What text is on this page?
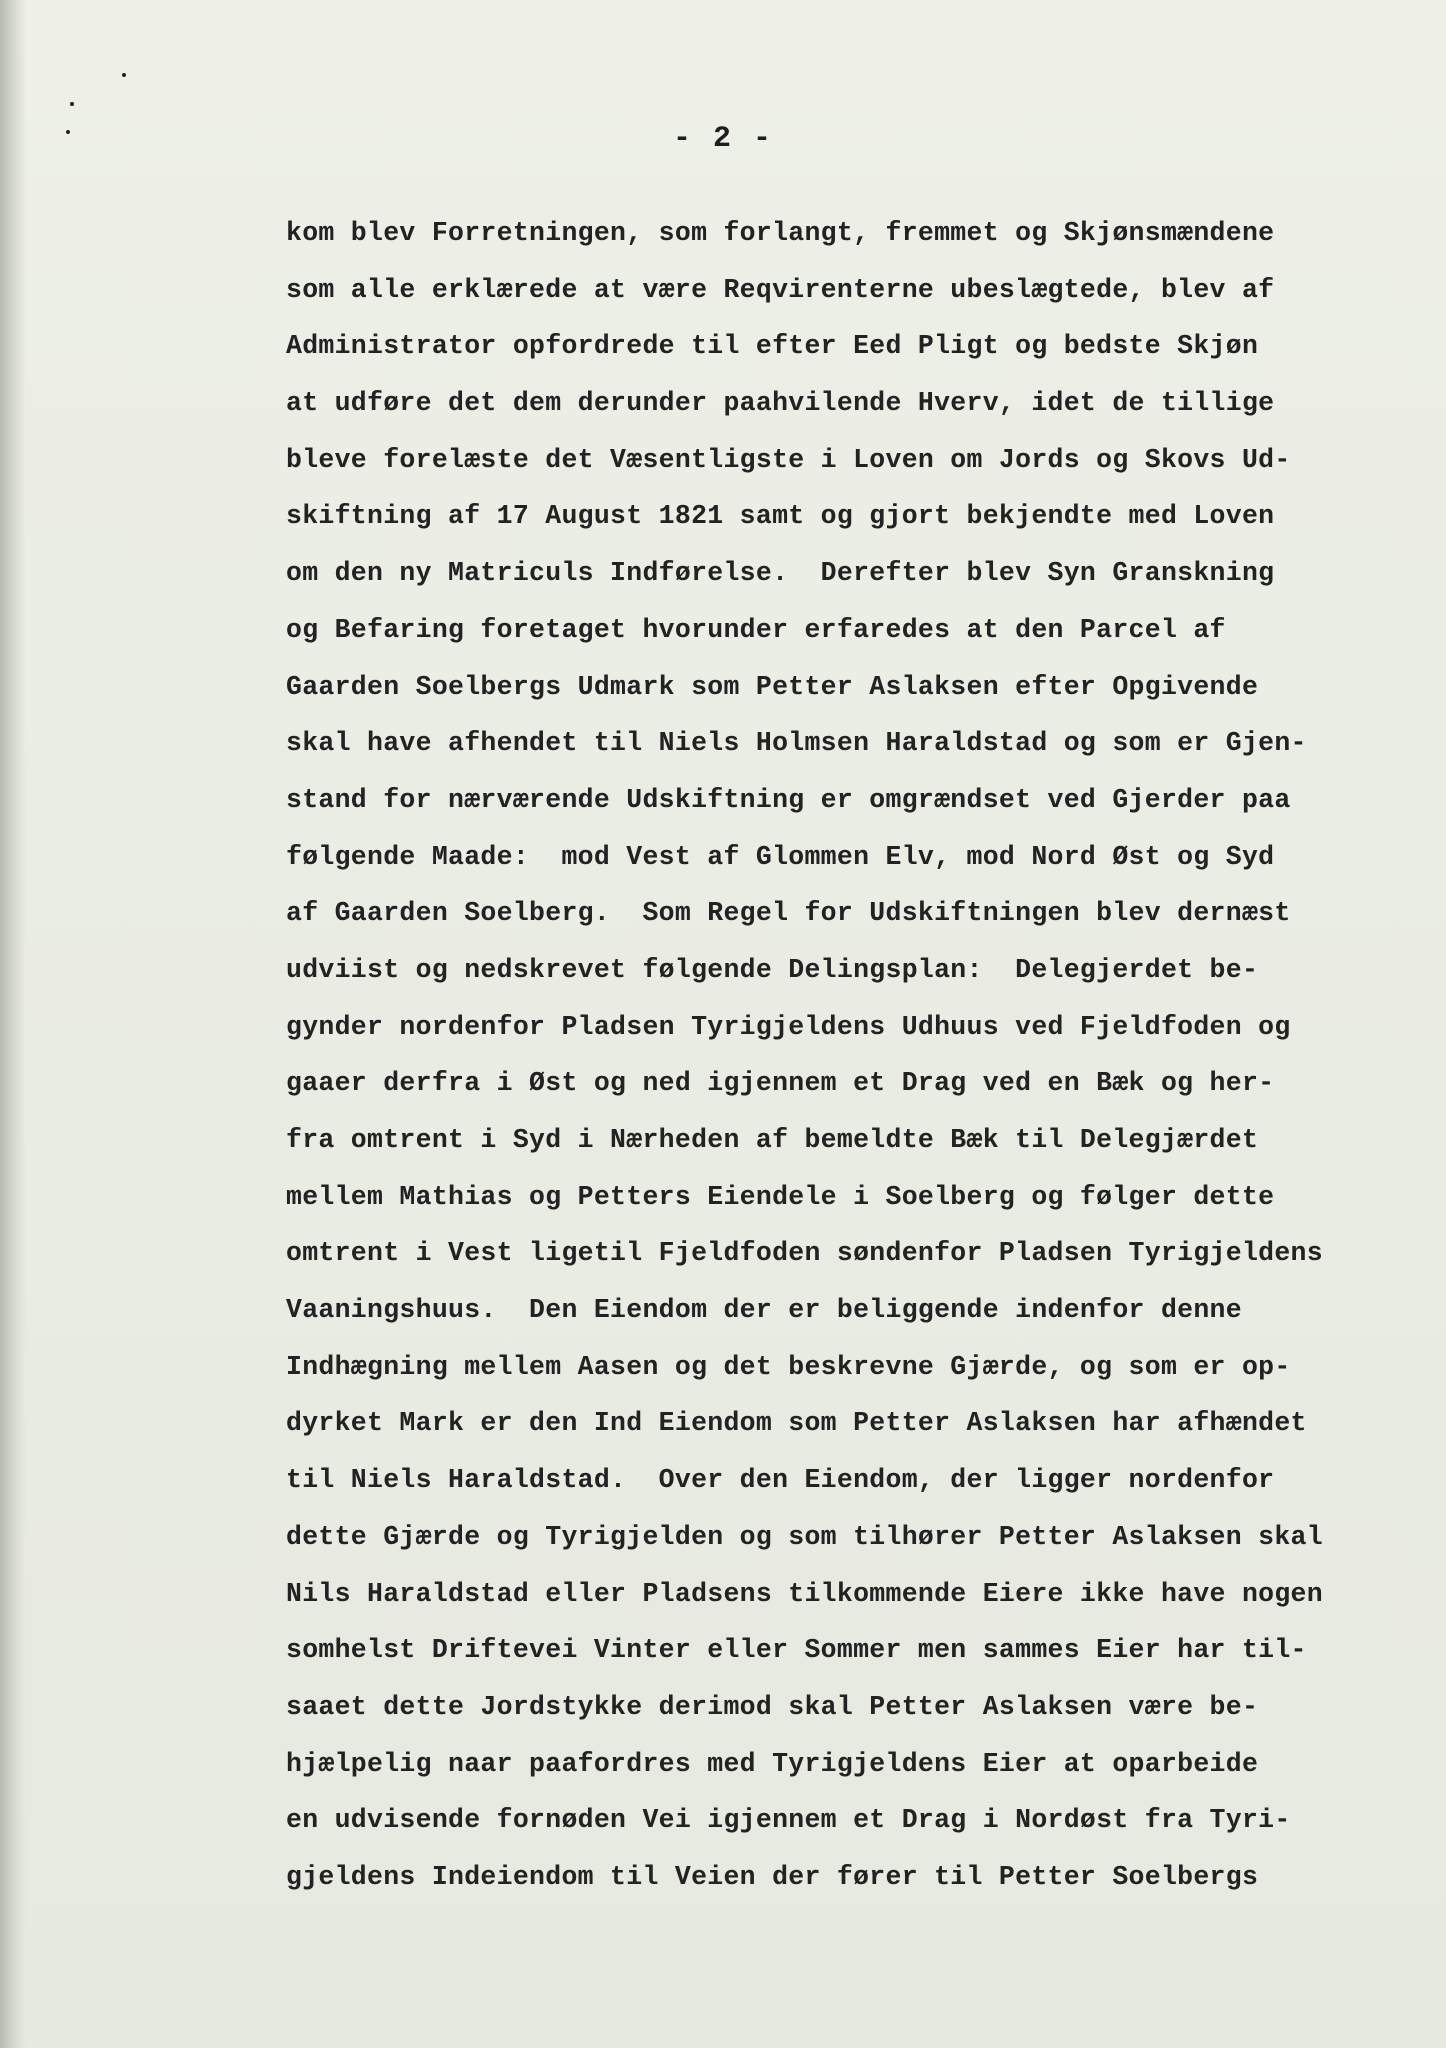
- 2 -
kom blev Forretningen, som forlangt, fremmet og Skjønsmændene
som alle erklærede at være Reqvirenterne ubeslægtede, blev af
Administrator opfordrede til efter Eed Pligt og bedste Skjøn
at udføre det dem derunder paahvilende Hverv, idet de tillige
bleve forelæste det Væsentligste i Loven om Jords og Skovs Ud-
skiftning af 17 August 1821 samt og gjort bekjendte med Loven
om den ny Matriculs Indførelse.  Derefter blev Syn Granskning
og Befaring foretaget hvorunder erfaredes at den Parcel af
Gaarden Soelbergs Udmark som Petter Aslaksen efter Opgivende
skal have afhendet til Niels Holmsen Haraldstad og som er Gjen-
stand for nærværende Udskiftning er omgrændset ved Gjerder paa
følgende Maade:  mod Vest af Glommen Elv, mod Nord Øst og Syd
af Gaarden Soelberg.  Som Regel for Udskiftningen blev dernæst
udviist og nedskrevet følgende Delingsplan:  Delegjerdet be-
gynder nordenfor Pladsen Tyrigjeldens Udhuus ved Fjeldfoden og
gaaer derfra i Øst og ned igjennem et Drag ved en Bæk og her-
fra omtrent i Syd i Nærheden af bemeldte Bæk til Delegjærdet
mellem Mathias og Petters Eiendele i Soelberg og følger dette
omtrent i Vest ligetil Fjeldfoden søndenfor Pladsen Tyrigjeldens
Vaaningshuus.  Den Eiendom der er beliggende indenfor denne
Indhægning mellem Aasen og det beskrevne Gjærde, og som er op-
dyrket Mark er den Ind Eiendom som Petter Aslaksen har afhændet
til Niels Haraldstad.  Over den Eiendom, der ligger nordenfor
dette Gjærde og Tyrigjelden og som tilhører Petter Aslaksen skal
Nils Haraldstad eller Pladsens tilkommende Eiere ikke have nogen
somhelst Driftevei Vinter eller Sommer men sammes Eier har til-
saaet dette Jordstykke derimod skal Petter Aslaksen være be-
hjælpelig naar paafordres med Tyrigjeldens Eier at oparbeide
en udvisende fornøden Vei igjennem et Drag i Nordøst fra Tyri-
gjeldens Indeiendom til Veien der fører til Petter Soelbergs
